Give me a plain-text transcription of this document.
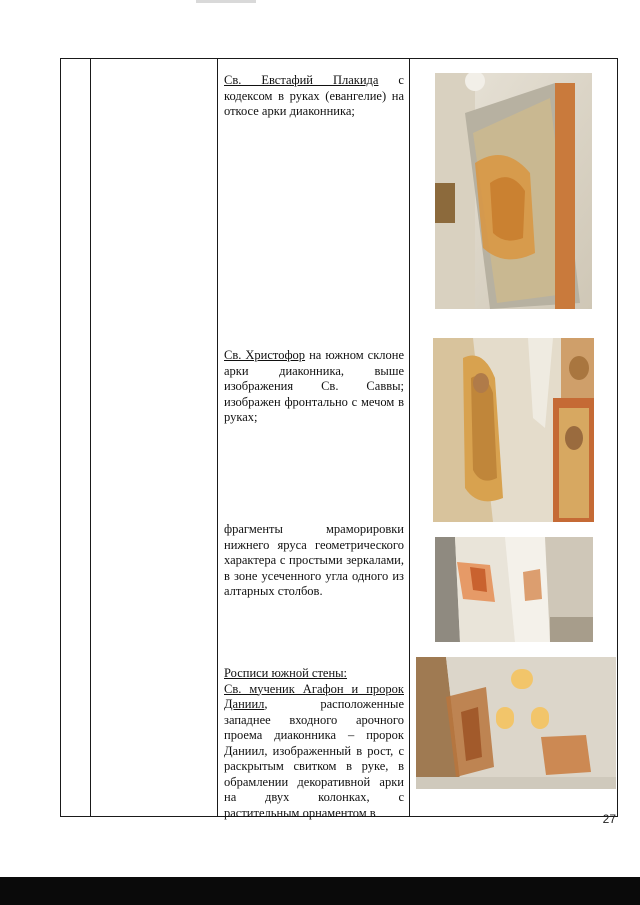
Св. Евстафий Плакида с кодексом в руках (евангелие) на откосе арки диаконника;
Св. Христофор на южном склоне арки диаконника, выше изображения Св. Саввы; изображен фронтально с мечом в руках;
фрагменты мраморировки нижнего яруса геометрического характера с простыми зеркалами, в зоне усеченного угла одного из алтарных столбов.
Росписи южной стены:
Св. мученик Агафон и пророк Даниил, расположенные западнее входного арочного проема диаконника – пророк Даниил, изображенный в рост, с раскрытым свитком в руке, в обрамлении декоративной арки на двух колонках, с растительным орнаментом в	27
